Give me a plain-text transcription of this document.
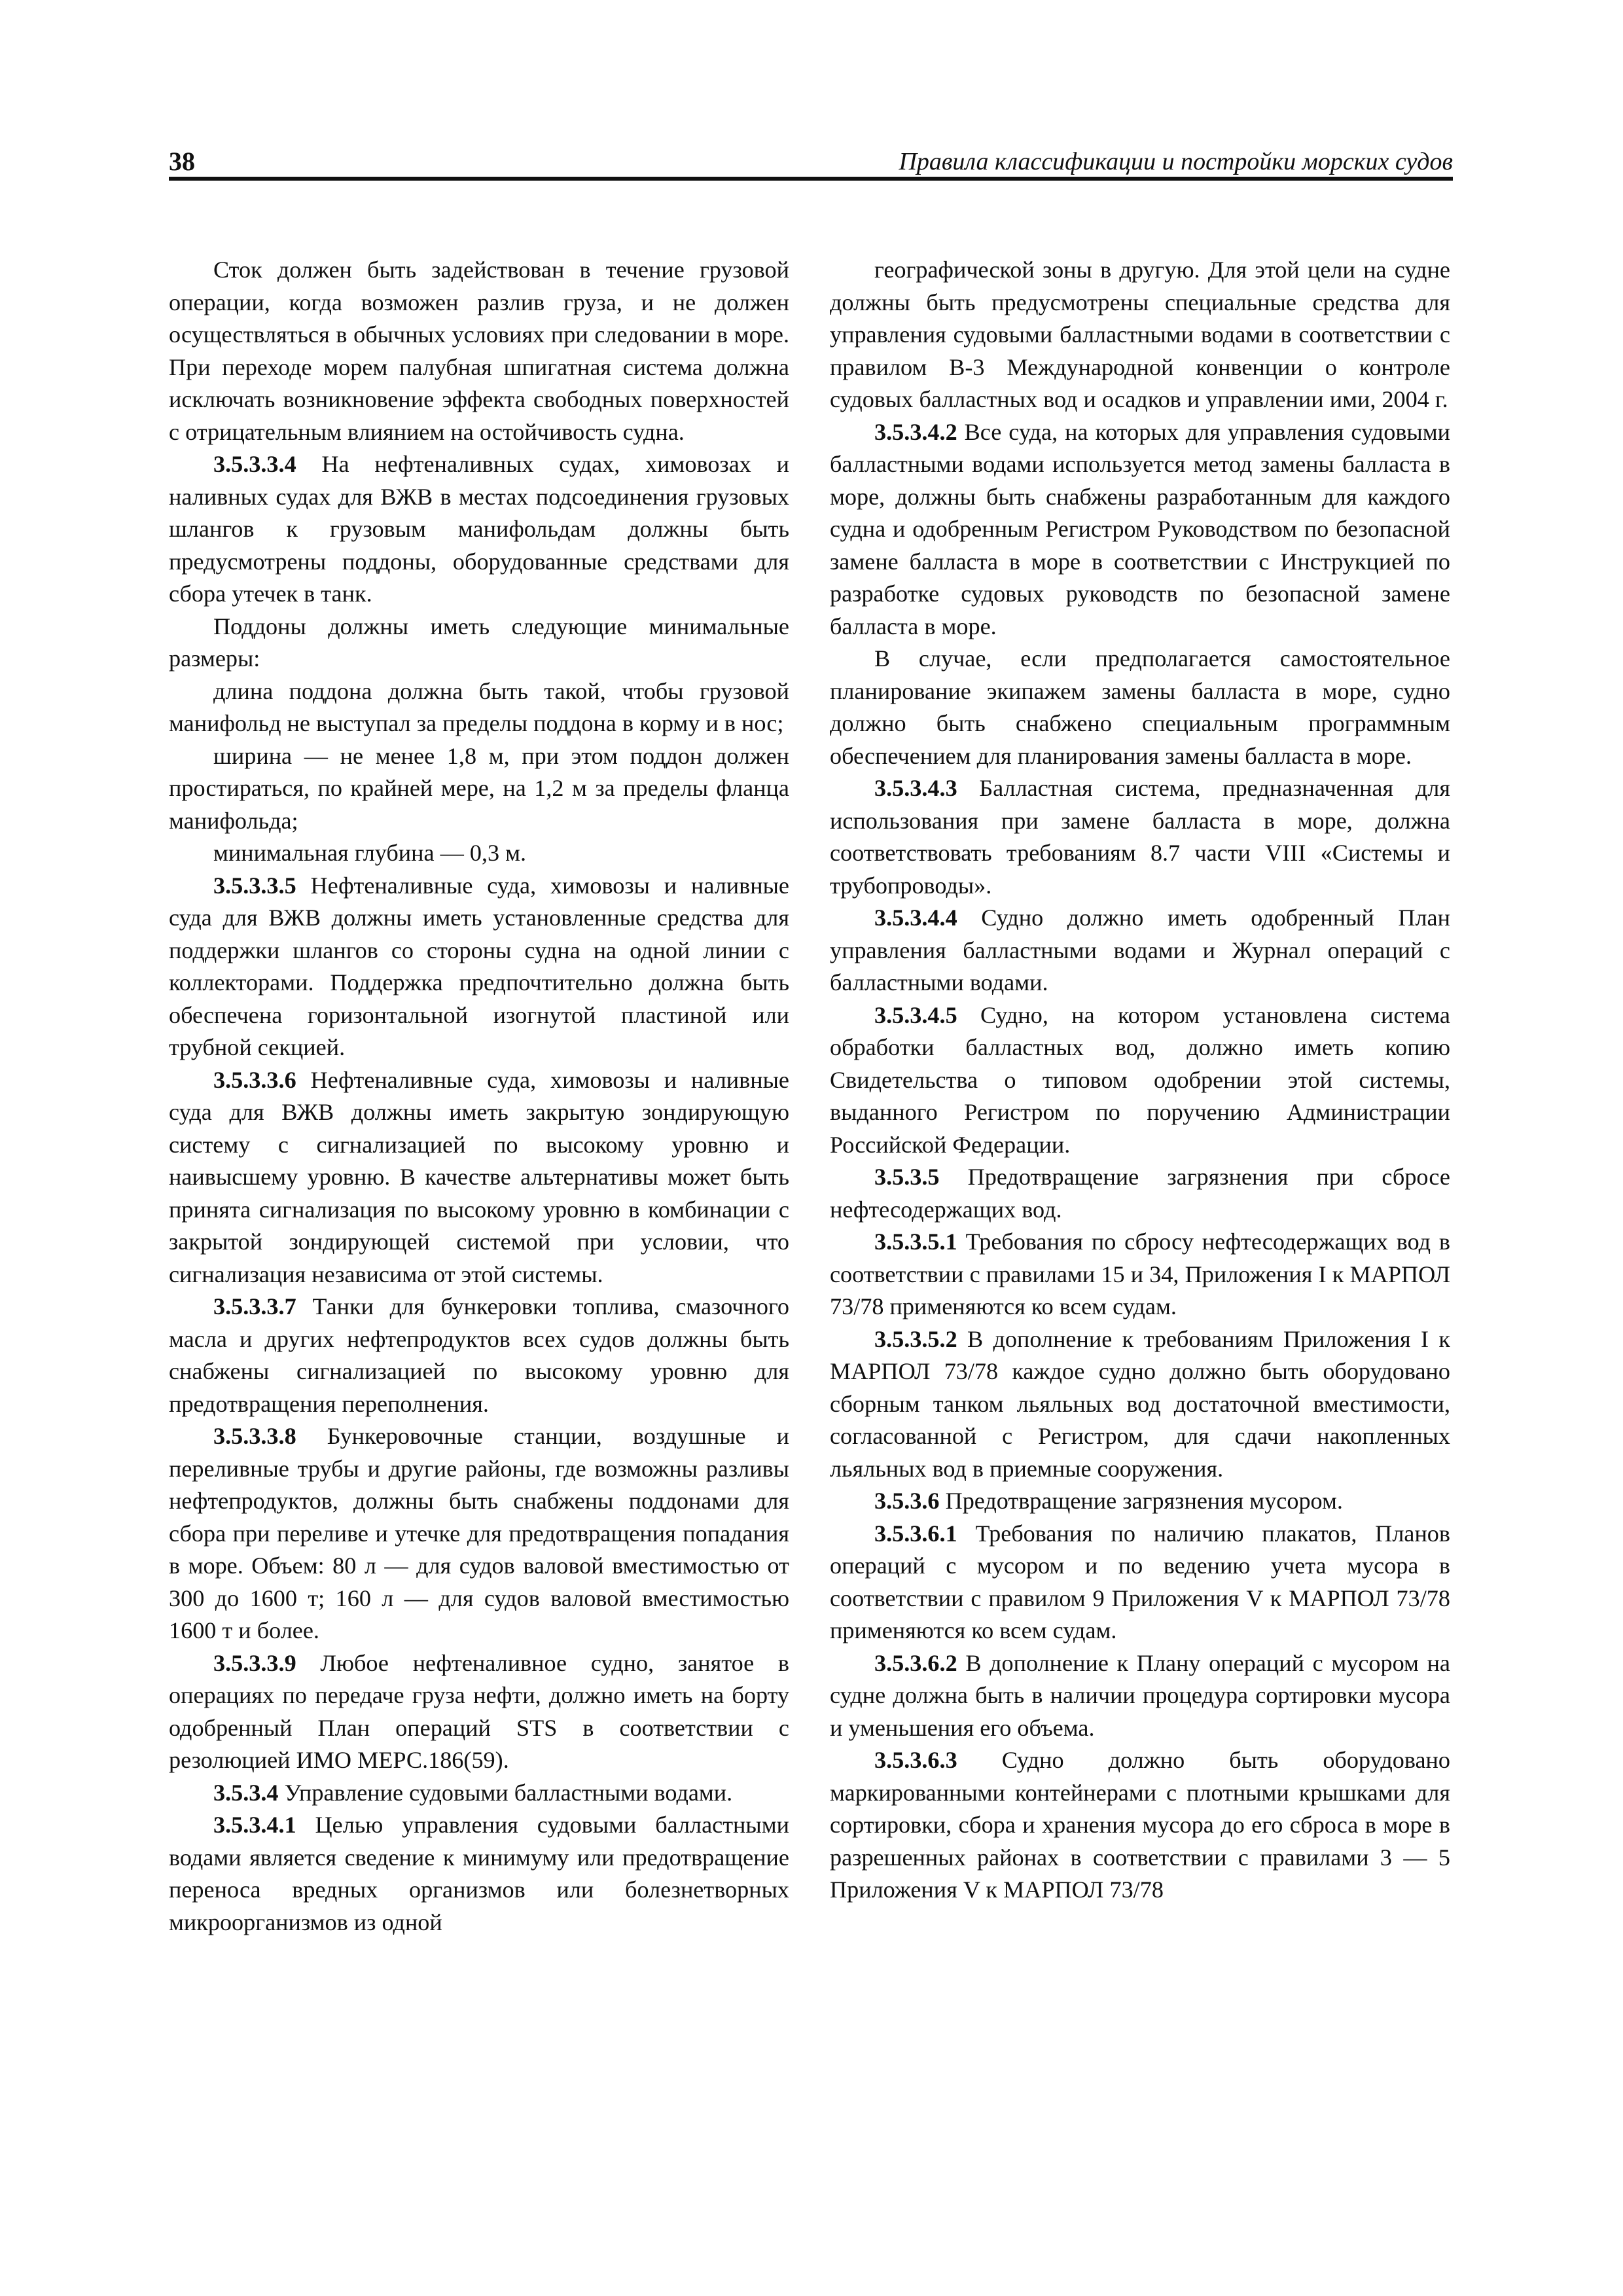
38	Правила классификации и постройки морских судов

Сток должен быть задействован в течение грузовой операции, когда возможен разлив груза, и не должен осуществляться в обычных условиях при следовании в море. При переходе морем палубная шпигатная система должна исключать возникновение эффекта свободных поверхностей с отрицательным влиянием на остойчивость судна.

3.5.3.3.4 На нефтеналивных судах, химовозах и наливных судах для ВЖВ в местах подсоединения грузовых шлангов к грузовым манифольдам должны быть предусмотрены поддоны, оборудованные средствами для сбора утечек в танк.

Поддоны должны иметь следующие минимальные размеры:

длина поддона должна быть такой, чтобы грузовой манифольд не выступал за пределы поддона в корму и в нос;

ширина — не менее 1,8 м, при этом поддон должен простираться, по крайней мере, на 1,2 м за пределы фланца манифольда;

минимальная глубина — 0,3 м.

3.5.3.3.5 Нефтеналивные суда, химовозы и наливные суда для ВЖВ должны иметь установленные средства для поддержки шлангов со стороны судна на одной линии с коллекторами. Поддержка предпочтительно должна быть обеспечена горизонтальной изогнутой пластиной или трубной секцией.

3.5.3.3.6 Нефтеналивные суда, химовозы и наливные суда для ВЖВ должны иметь закрытую зондирующую систему с сигнализацией по высокому уровню и наивысшему уровню. В качестве альтернативы может быть принята сигнализация по высокому уровню в комбинации с закрытой зондирующей системой при условии, что сигнализация независима от этой системы.

3.5.3.3.7 Танки для бункеровки топлива, смазочного масла и других нефтепродуктов всех судов должны быть снабжены сигнализацией по высокому уровню для предотвращения переполнения.

3.5.3.3.8 Бункеровочные станции, воздушные и переливные трубы и другие районы, где возможны разливы нефтепродуктов, должны быть снабжены поддонами для сбора при переливе и утечке для предотвращения попадания в море. Объем: 80 л — для судов валовой вместимостью от 300 до 1600 т; 160 л — для судов валовой вместимостью 1600 т и более.

3.5.3.3.9 Любое нефтеналивное судно, занятое в операциях по передаче груза нефти, должно иметь на борту одобренный План операций STS в соответствии с резолюцией ИМО МЕРС.186(59).

3.5.3.4 Управление судовыми балластными водами.

3.5.3.4.1 Целью управления судовыми балластными водами является сведение к минимуму или предотвращение переноса вредных организмов или болезнетворных микроорганизмов из одной

географической зоны в другую. Для этой цели на судне должны быть предусмотрены специальные средства для управления судовыми балластными водами в соответствии с правилом В-3 Международной конвенции о контроле судовых балластных вод и осадков и управлении ими, 2004 г.

3.5.3.4.2 Все суда, на которых для управления судовыми балластными водами используется метод замены балласта в море, должны быть снабжены разработанным для каждого судна и одобренным Регистром Руководством по безопасной замене балласта в море в соответствии с Инструкцией по разработке судовых руководств по безопасной замене балласта в море.

В случае, если предполагается самостоятельное планирование экипажем замены балласта в море, судно должно быть снабжено специальным программным обеспечением для планирования замены балласта в море.

3.5.3.4.3 Балластная система, предназначенная для использования при замене балласта в море, должна соответствовать требованиям 8.7 части VIII «Системы и трубопроводы».

3.5.3.4.4 Судно должно иметь одобренный План управления балластными водами и Журнал операций с балластными водами.

3.5.3.4.5 Судно, на котором установлена система обработки балластных вод, должно иметь копию Свидетельства о типовом одобрении этой системы, выданного Регистром по поручению Администрации Российской Федерации.

3.5.3.5 Предотвращение загрязнения при сбросе нефтесодержащих вод.

3.5.3.5.1 Требования по сбросу нефтесодержащих вод в соответствии с правилами 15 и 34, Приложения I к МАРПОЛ 73/78 применяются ко всем судам.

3.5.3.5.2 В дополнение к требованиям Приложения I к МАРПОЛ 73/78 каждое судно должно быть оборудовано сборным танком льяльных вод достаточной вместимости, согласованной с Регистром, для сдачи накопленных льяльных вод в приемные сооружения.

3.5.3.6 Предотвращение загрязнения мусором.

3.5.3.6.1 Требования по наличию плакатов, Планов операций с мусором и по ведению учета мусора в соответствии с правилом 9 Приложения V к МАРПОЛ 73/78 применяются ко всем судам.

3.5.3.6.2 В дополнение к Плану операций с мусором на судне должна быть в наличии процедура сортировки мусора и уменьшения его объема.

3.5.3.6.3 Судно должно быть оборудовано маркированными контейнерами с плотными крышками для сортировки, сбора и хранения мусора до его сброса в море в разрешенных районах в соответствии с правилами 3 — 5 Приложения V к МАРПОЛ 73/78
